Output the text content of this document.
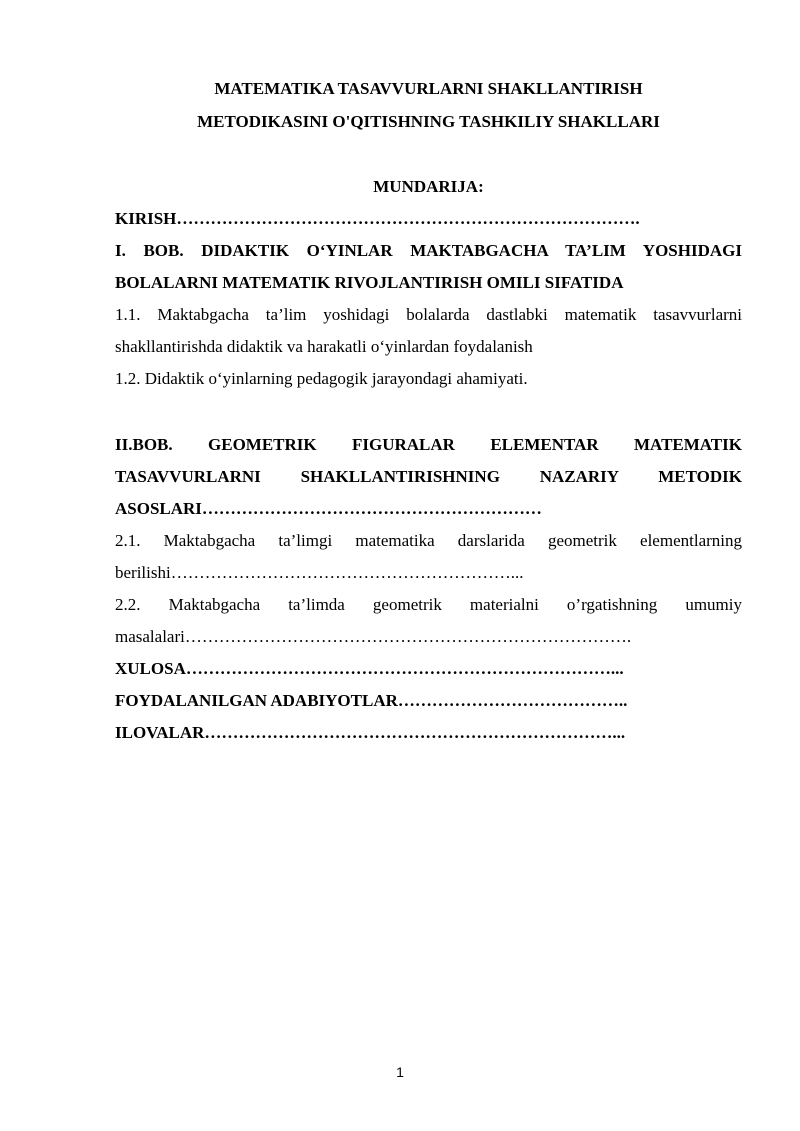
MATEMATIKA TASAVVURLARNI SHAKLLANTIRISH

METODIKASINI O'QITISHNING TASHKILIY SHAKLLARI

MUNDARIJA:

KIRISH……………………………………………………………………….

I. BOB. DIDAKTIK O‘YINLAR MAKTABGACHA TA’LIM YOSHIDAGI
BOLALARNI MATEMATIK RIVOJLANTIRISH OMILI SIFATIDA
1.1. Maktabgacha ta’lim yoshidagi bolalarda dastlabki matematik tasavvurlarni
shakllantirishda didaktik va harakatli o‘yinlardan foydalanish

1.2. Didaktik o‘yinlarning pedagogik jarayondagi ahamiyati.

II.BOB. GEOMETRIK FIGURALAR ELEMENTAR MATEMATIK
TASAVVURLARNI SHAKLLANTIRISHNING NAZARIY METODIK
ASOSLARI……………………………………………………
2.1. Maktabgacha ta’limgi matematika darslarida geometrik elementlarning
berilishi……………………………………………………...
2.2. Maktabgacha ta’limda geometrik materialni o’rgatishning umumiy
masalalari…………………………………………………………………….

XULOSA…………………………………………………………………...

FOYDALANILGAN ADABIYOTLAR…………………………………..

ILOVALAR………………………………………………………………...

1
